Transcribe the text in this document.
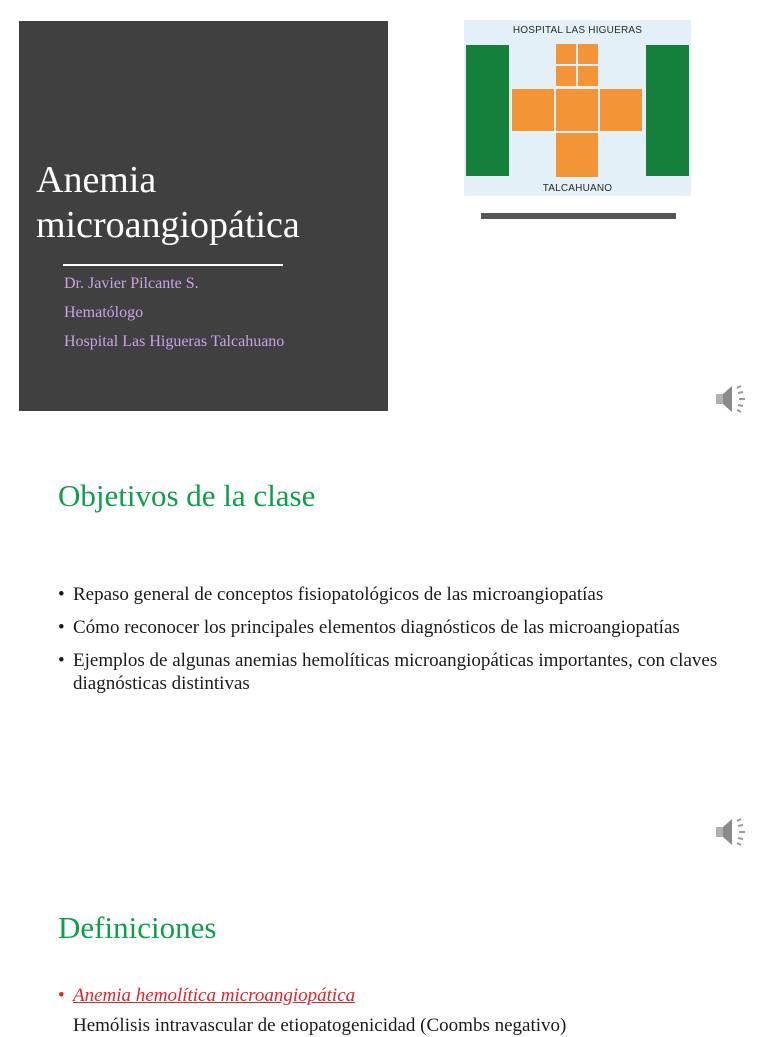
Anemia
microangiopática
Dr. Javier Pilcante S.
Hematólogo
Hospital Las Higueras Talcahuano
HOSPITAL LAS HIGUERAS
TALCAHUANO
Objetivos de la clase
• Repaso general de conceptos fisiopatológicos de las microangiopatías
• Cómo reconocer los principales elementos diagnósticos de las microangiopatías
• Ejemplos de algunas anemias hemolíticas microangiopáticas importantes, con claves diagnósticas distintivas
Definiciones
• Anemia hemolítica microangiopática
Hemólisis intravascular de etiopatogenicidad (Coombs negativo)
